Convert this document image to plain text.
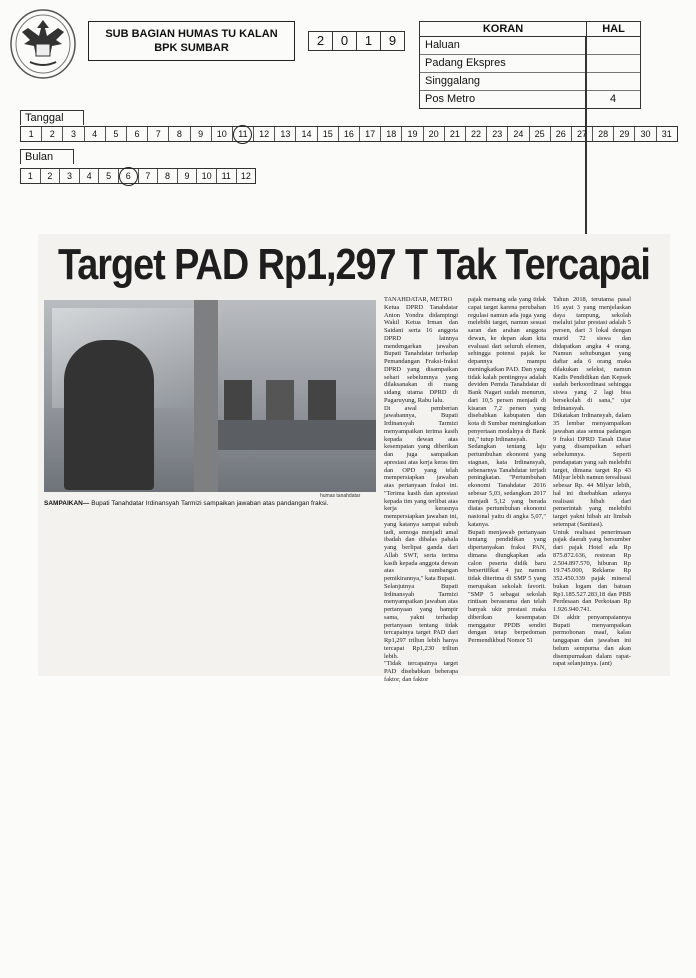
SUB BAGIAN HUMAS TU KALAN
BPK SUMBAR	2	0	1	9
KORAN	HAL
Haluan
Padang Ekspres
Singgalang
Pos Metro	4
Tanggal
1	2	3	4	5	6	7	8	9	10	11	12	13	14	15	16	17	18	19	20	21	22	23	24	25	26	27	28	29	30	31
Bulan
1	2	3	4	5	6	7	8	9	10	11	12
Target PAD Rp1,297 T Tak Tercapai
humas tanahdatar
SAMPAIKAN— Bupati Tanahdatar Irdinansyah Tarmizi sampaikan jawaban atas pandangan fraksi.
TANAHDATAR, METRO
Ketua DPRD Tanahdatar Anton Yondra didampingi Wakil Ketua Irman dan Saidani serta 16 anggota DPRD lainnya mendengarkan jawaban Bupati Tanahdatar terhadap Pemandangan Fraksi-fraksi DPRD yang disampaikan sehari sebelumnya yang dilaksanakan di ruang sidang utama DPRD di Pagaruyung, Rabu lalu.
Di awal pemberian jawabannya, Bupati Irdinansyah Tarmizi menyampaikan terima kasih kepada dewan atas kesempatan yang diberikan dan juga sampaikan apresiasi atas kerja keras tim dan OPD yang telah mempersiapkan jawaban atas pertanyaan fraksi ini. "Terima kasih dan apresiasi kepada tim yang terlibat atas kerja kerasnya mempersiapkan jawaban ini, yang katanya sampai subuh tadi, semoga menjadi amal ibadah dan dibalas pahala yang berlipat ganda dari Allah SWT, serta terima kasih kepada anggota dewan atas sumbangan pemikirannya," kata Bupati.
Selanjutnya Bupati Irdinansyah Tarmizi menyampaikan jawaban atas pertanyaan yang hampir sama, yakni terhadap pertanyaan tentang tidak tercapainya target PAD dari Rp1,297 triliun lebih hanya tercapai Rp1,230 triliun lebih.
"Tidak tercapainya target PAD disebabkan beberapa faktor, dan faktor
pajak memang ada yang tidak capai target karena perubahan regulasi namun ada juga yang melebihi target, namun sesuai saran dan arahan anggota dewan, ke depan akan kita evaluasi dari seluruh elemen, sehingga potensi pajak ke depannya mampu meningkatkan PAD. Dan yang tidak kalah pentingnya adalah deviden Pemda Tanahdatar di Bank Nagari sudah menurun, dari 10,5 persen menjadi di kisaran 7,2 persen yang disebabkan kabupaten dan kota di Sumbar meningkatkan penyertaan modalnya di Bank ini," tutup Irdinansyah.
Sedangkan tentang laju pertumbuhan ekonomi yang stagnan, kata Irdinansyah, sebenarnya Tanahdatar terjadi peningkatan. "Pertumbuhan ekonomi Tanahdatar 2016 sebesar 5,03, sedangkan 2017 menjadi 5,12 yang berada diatas pertumbuhan ekonomi nasional yaitu di angka 5,07," katanya.
Bupati menjawab pertanyaan tentang pendidikan yang dipertanyakan fraksi PAN, dimana diungkapkan ada calon peserta didik baru bersertifikat 4 juz namun tidak diterima di SMP 5 yang merupakan sekolah favorit. "SMP 5 sebagai sekolah rintisan berasrama dan telah banyak ukir prestasi maka diberikan kesempatan menggatur PPDB sendiri dengan tetap berpedoman Permendikbud Nomor 51
Tahun 2018, terutama pasal 16 ayat 3 yang menjelaskan daya tampung, sekolah melalui jalur prestasi adalah 5 persen, dari 3 lokal dengan murid 72 siswa dan didapatkan angka 4 orang. Namun sehubungan yang daftar ada 6 orang maka dilakukan seleksi, namun Kadis Pendidikan dan Kepsek sudah berkoordinasi sehingga siswa yang 2 lagi bisa bersekolah di sana," ujar Irdinansyah.
Dikatakan Irdinansyah, dalam 35 lembar menyampaikan jawaban atas semua padangan 9 fraksi DPRD Tanah Datar yang disampaikan sehari sebelumnya. Seperti pendapatan yang sah melebihi target, dimana target Rp 43 Milyar lebih namun terealisasi sebesar Rp. 44 Milyar lebih, hal ini disebabkan adanya realisasi hibah dari pemerintah yang melebihi target yakni hibah air limbah setempat (Sanitasi).
Untuk realisasi penerimaan pajak daerah yang bersumber dari pajak Hotel ada Rp 875.872.636, restoran Rp 2.504.897.570, hiburan Rp 19.745.000, Reklame Rp 352.450.339 pajak mineral bukan logam dan batuan Rp1.185.527.283,18 dan PBB Perdesaan dan Perkotaan Rp 1.926.940.741.
Di akhir penyampaiannya Bupati menyampaikan permohonan maaf, kalau tanggapan dan jawaban ini belum sempurna dan akan disempurnakan dalam rapat-rapat selanjutnya. (ant)
